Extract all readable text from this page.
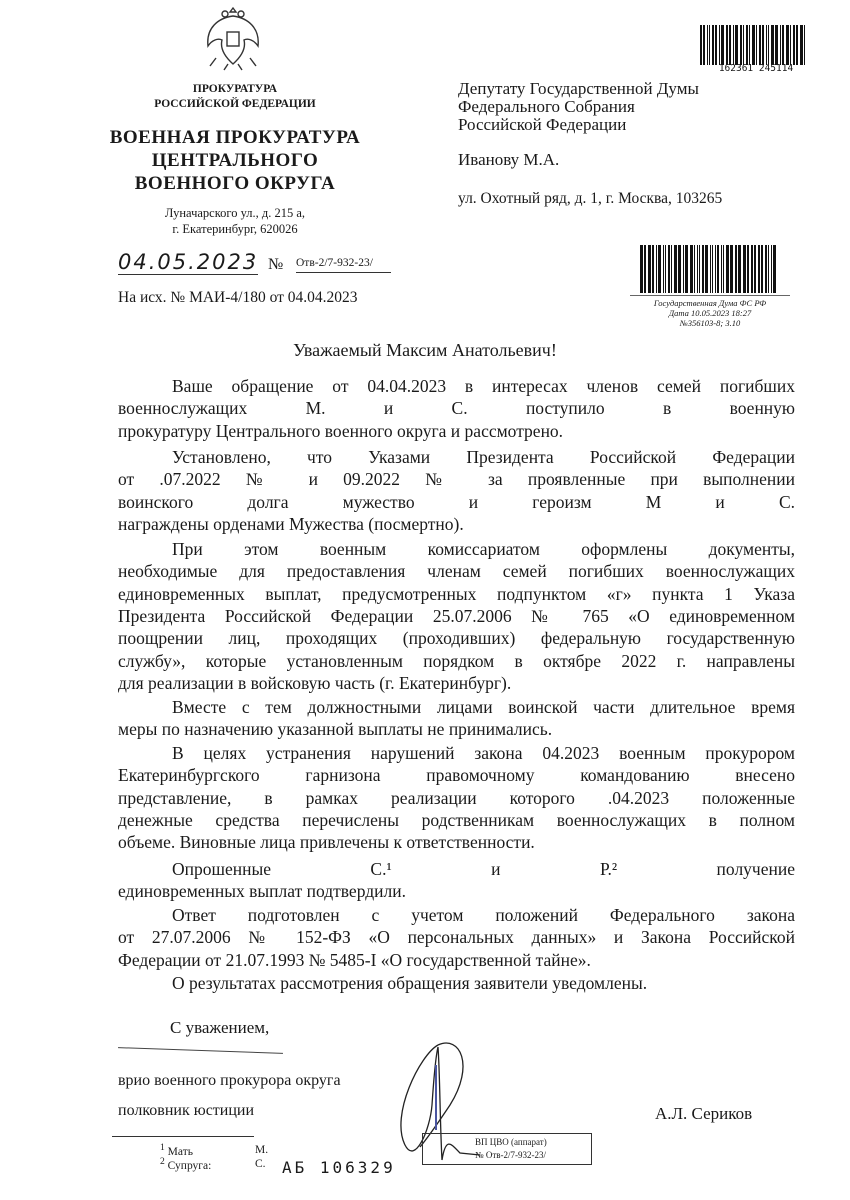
ПРОКУРАТУРА
РОССИЙСКОЙ ФЕДЕРАЦИИ
ВОЕННАЯ ПРОКУРАТУРА
ЦЕНТРАЛЬНОГО
ВОЕННОГО ОКРУГА
Луначарского ул., д. 215 а,
г. Екатеринбург, 620026
04.05.2023 № Отв-2/7-932-23/
На исх. № МАИ-4/180 от 04.04.2023
162361 245114
Государственная Дума ФС РФ
Дата 10.05.2023 18:27
№356103-8; 3.10
Депутату Государственной Думы
Федерального Собрания
Российской Федерации
Иванову М.А.
ул. Охотный ряд, д. 1, г. Москва, 103265
Уважаемый Максим Анатольевич!
Ваше обращение от 04.04.2023 в интересах членов семей погибших
военнослужащих М. и С. поступило в военную
прокуратуру Центрального военного округа и рассмотрено.
Установлено, что Указами Президента Российской Федерации
от .07.2022 № и 09.2022 № за проявленные при выполнении
воинского долга мужество и героизм М и С.
награждены орденами Мужества (посмертно).
При этом военным комиссариатом оформлены документы,
необходимые для предоставления членам семей погибших военнослужащих
единовременных выплат, предусмотренных подпунктом «г» пункта 1 Указа
Президента Российской Федерации 25.07.2006 № 765 «О единовременном
поощрении лиц, проходящих (проходивших) федеральную государственную
службу», которые установленным порядком в октябре 2022 г. направлены
для реализации в войсковую часть (г. Екатеринбург).
Вместе с тем должностными лицами воинской части длительное время
меры по назначению указанной выплаты не принимались.
В целях устранения нарушений закона 04.2023 военным прокурором
Екатеринбургского гарнизона правомочному командованию внесено
представление, в рамках реализации которого .04.2023 положенные
денежные средства перечислены родственникам военнослужащих в полном
объеме. Виновные лица привлечены к ответственности.
Опрошенные С.¹ и Р.² получение
единовременных выплат подтвердили.
Ответ подготовлен с учетом положений Федерального закона
от 27.07.2006 № 152-ФЗ «О персональных данных» и Закона Российской
Федерации от 21.07.1993 № 5485-I «О государственной тайне».
О результатах рассмотрения обращения заявители уведомлены.
С уважением,
врио военного прокурора округа
полковник юстиции	А.Л. Сериков
ВП ЦВО (аппарат)
№ Отв-2/7-932-23/
$^1$ Мать	М.
$^2$ Супруга:	С. АБ 106329
